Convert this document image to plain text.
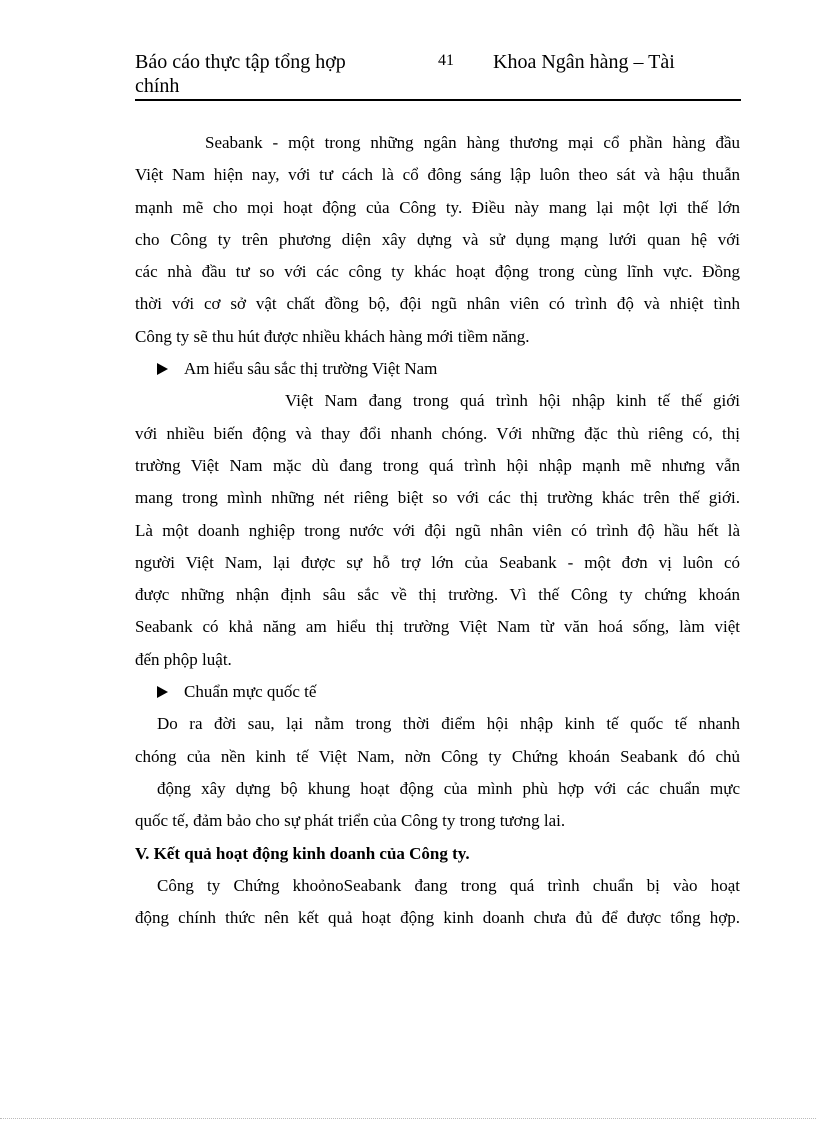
Báo cáo thực tập tổng hợp
chính
41 Khoa Ngân hàng – Tài
Seabank - một trong những ngân hàng thương mại cổ phần hàng đầu
Việt Nam hiện nay, với tư cách là cổ đông sáng lập luôn theo sát và hậu thuẫn
mạnh mẽ cho mọi hoạt động của Công ty. Điều này mang lại một lợi thế lớn
cho Công ty trên phương diện xây dựng và sử dụng mạng lưới quan hệ với
các nhà đầu tư so với các công ty khác hoạt động trong cùng lĩnh vực. Đồng
thời với cơ sở vật chất đồng bộ, đội ngũ nhân viên có trình độ và nhiệt tình
Công ty sẽ thu hút được nhiều khách hàng mới tiềm năng.
Am hiểu sâu sắc thị trường Việt Nam
Việt Nam đang trong quá trình hội nhập kinh tế thế giới
với nhiều biến động và thay đổi nhanh chóng. Với những đặc thù riêng có, thị
trường Việt Nam mặc dù đang trong quá trình hội nhập mạnh mẽ nhưng vẫn
mang trong mình những nét riêng biệt so với các thị trường khác trên thế giới.
Là một doanh nghiệp trong nước với đội ngũ nhân viên có trình độ hầu hết là
người Việt Nam, lại được sự hỗ trợ lớn của Seabank - một đơn vị luôn có
được những nhận định sâu sắc về thị trường. Vì thế Công ty chứng khoán
Seabank có khả năng am hiểu thị trường Việt Nam từ văn hoá sống, làm việt
đến phộp luật.
Chuẩn mực quốc tế
Do ra đời sau, lại nằm trong thời điểm hội nhập kinh tế quốc tế nhanh
chóng của nền kinh tế Việt Nam, nờn Công ty Chứng khoán Seabank đó chủ
động xây dựng bộ khung hoạt động của mình phù hợp với các chuẩn mực
quốc tế, đảm bảo cho sự phát triển của Công ty trong tương lai.
V. Kết quả hoạt động kinh doanh của Công ty.
Công ty Chứng khoỏnoSeabank đang trong quá trình chuẩn bị vào hoạt
động chính thức nên kết quả hoạt động kinh doanh chưa đủ để được tổng hợp.
